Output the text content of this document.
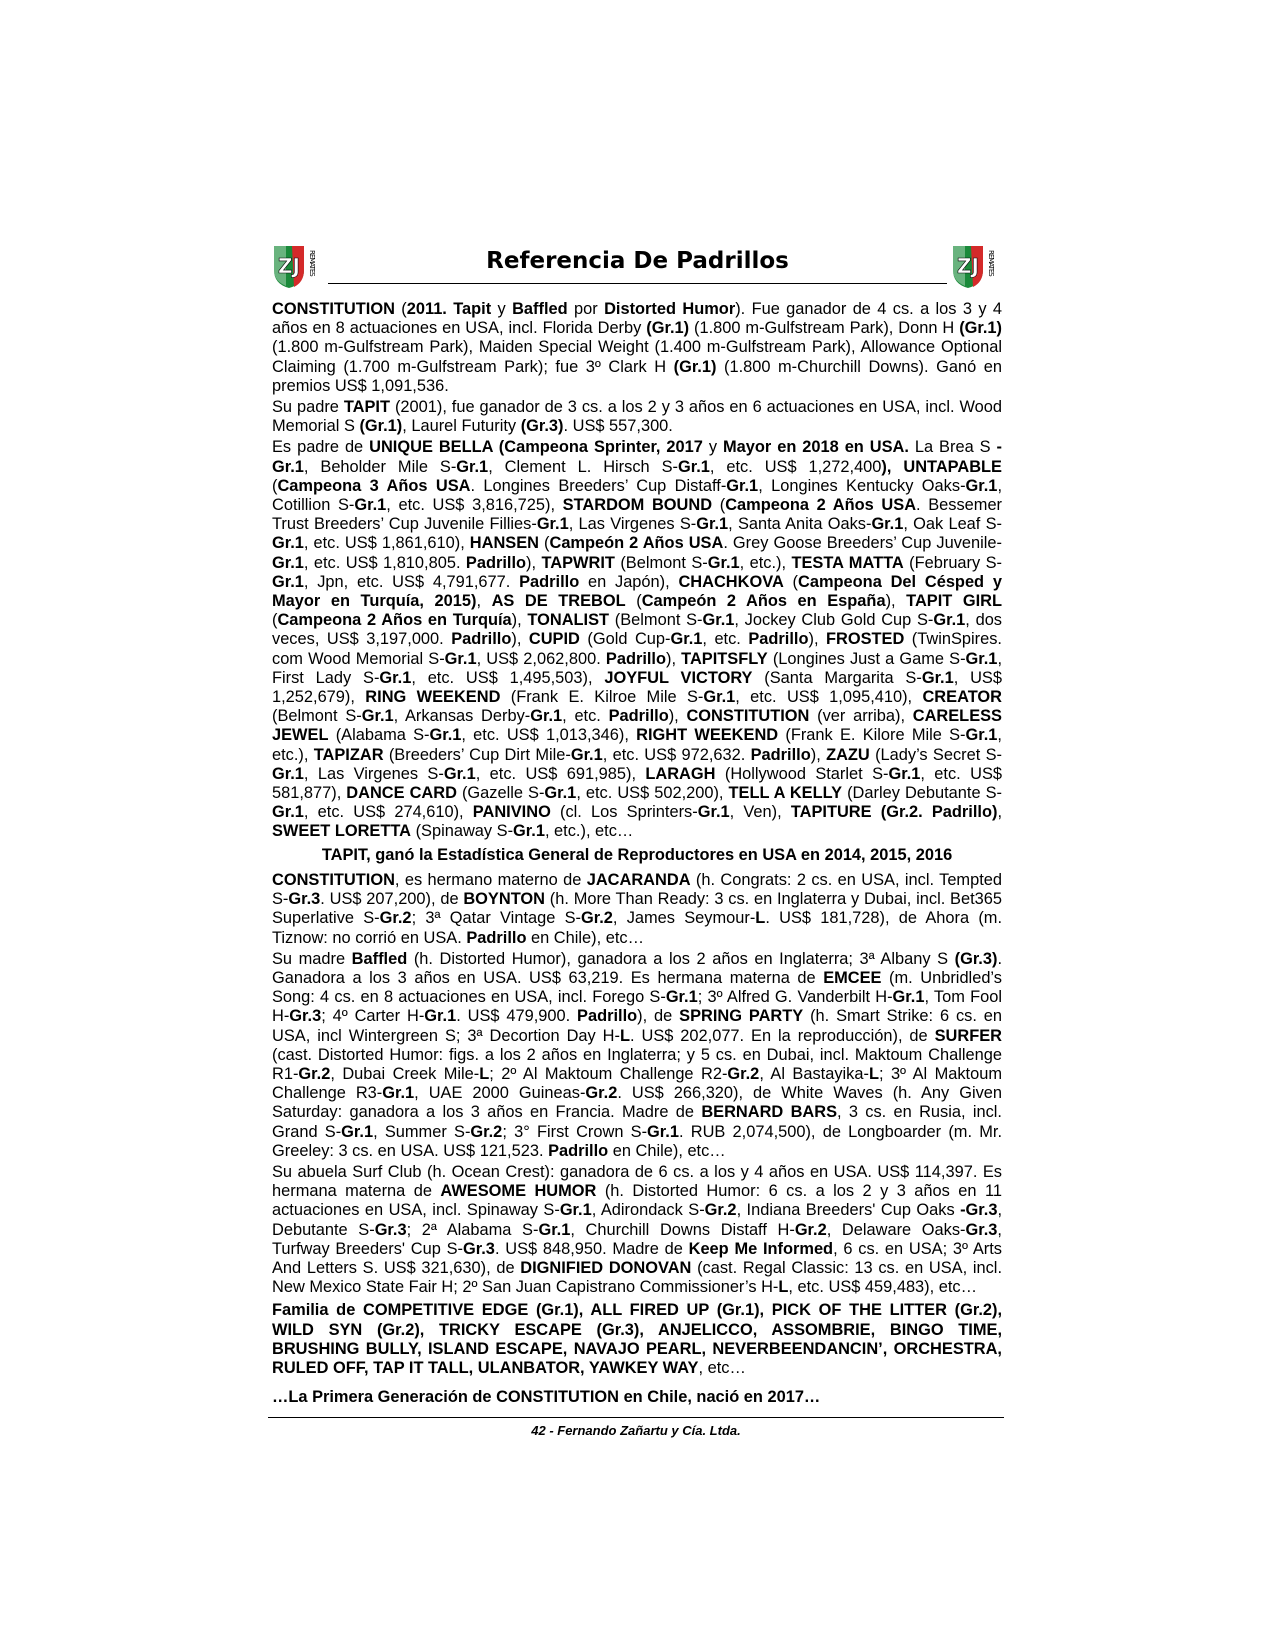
ZJ REMATES	Referencia De Padrillos	ZJ REMATES

CONSTITUTION (2011. Tapit y Baffled por Distorted Humor). Fue ganador de 4 cs. a los 3 y 4 años en 8 actuaciones en USA, incl. Florida Derby (Gr.1) (1.800 m-Gulfstream Park), Donn H (Gr.1) (1.800 m-Gulfstream Park), Maiden Special Weight (1.400 m-Gulfstream Park), Allowance Optional Claiming (1.700 m-Gulfstream Park); fue 3º Clark H (Gr.1) (1.800 m-Churchill Downs). Ganó en premios US$ 1,091,536.

Su padre TAPIT (2001), fue ganador de 3 cs. a los 2 y 3 años en 6 actuaciones en USA, incl. Wood Memorial S (Gr.1), Laurel Futurity (Gr.3). US$ 557,300.

Es padre de UNIQUE BELLA (Campeona Sprinter, 2017 y Mayor en 2018 en USA. La Brea S -Gr.1, Beholder Mile S-Gr.1, Clement L. Hirsch S-Gr.1, etc. US$ 1,272,400), UNTAPABLE (Campeona 3 Años USA. Longines Breeders’ Cup Distaff-Gr.1, Longines Kentucky Oaks-Gr.1, Cotillion S-Gr.1, etc. US$ 3,816,725), STARDOM BOUND (Campeona 2 Años USA. Bessemer Trust Breeders’ Cup Juvenile Fillies-Gr.1, Las Virgenes S-Gr.1, Santa Anita Oaks-Gr.1, Oak Leaf S-Gr.1, etc. US$ 1,861,610), HANSEN (Campeón 2 Años USA. Grey Goose Breeders’ Cup Juvenile-Gr.1, etc. US$ 1,810,805. Padrillo), TAPWRIT (Belmont S-Gr.1, etc.), TESTA MATTA (February S-Gr.1, Jpn, etc. US$ 4,791,677. Padrillo en Japón), CHACHKOVA (Campeona Del Césped y Mayor en Turquía, 2015), AS DE TREBOL (Campeón 2 Años en España), TAPIT GIRL (Campeona 2 Años en Turquía), TONALIST (Belmont S-Gr.1, Jockey Club Gold Cup S-Gr.1, dos veces, US$ 3,197,000. Padrillo), CUPID (Gold Cup-Gr.1, etc. Padrillo), FROSTED (TwinSpires. com Wood Memorial S-Gr.1, US$ 2,062,800. Padrillo), TAPITSFLY (Longines Just a Game S-Gr.1, First Lady S-Gr.1, etc. US$ 1,495,503), JOYFUL VICTORY (Santa Margarita S-Gr.1, US$ 1,252,679), RING WEEKEND (Frank E. Kilroe Mile S-Gr.1, etc. US$ 1,095,410), CREATOR (Belmont S-Gr.1, Arkansas Derby-Gr.1, etc. Padrillo), CONSTITUTION (ver arriba), CARELESS JEWEL (Alabama S-Gr.1, etc. US$ 1,013,346), RIGHT WEEKEND (Frank E. Kilore Mile S-Gr.1, etc.), TAPIZAR (Breeders’ Cup Dirt Mile-Gr.1, etc. US$ 972,632. Padrillo), ZAZU (Lady’s Secret S-Gr.1, Las Virgenes S-Gr.1, etc. US$ 691,985), LARAGH (Hollywood Starlet S-Gr.1, etc. US$ 581,877), DANCE CARD (Gazelle S-Gr.1, etc. US$ 502,200), TELL A KELLY (Darley Debutante S-Gr.1, etc. US$ 274,610), PANIVINO (cl. Los Sprinters-Gr.1, Ven), TAPITURE (Gr.2. Padrillo), SWEET LORETTA (Spinaway S-Gr.1, etc.), etc…

TAPIT, ganó la Estadística General de Reproductores en USA en 2014, 2015, 2016

CONSTITUTION, es hermano materno de JACARANDA (h. Congrats: 2 cs. en USA, incl. Tempted S-Gr.3. US$ 207,200), de BOYNTON (h. More Than Ready: 3 cs. en Inglaterra y Dubai, incl. Bet365 Superlative S-Gr.2; 3ª Qatar Vintage S-Gr.2, James Seymour-L. US$ 181,728), de Ahora (m. Tiznow: no corrió en USA. Padrillo en Chile), etc…

Su madre Baffled (h. Distorted Humor), ganadora a los 2 años en Inglaterra; 3ª Albany S (Gr.3). Ganadora a los 3 años en USA. US$ 63,219. Es hermana materna de EMCEE (m. Unbridled’s Song: 4 cs. en 8 actuaciones en USA, incl. Forego S-Gr.1; 3º Alfred G. Vanderbilt H-Gr.1, Tom Fool H-Gr.3; 4º Carter H-Gr.1. US$ 479,900. Padrillo), de SPRING PARTY (h. Smart Strike: 6 cs. en USA, incl Wintergreen S; 3ª Decortion Day H-L. US$ 202,077. En la reproducción), de SURFER (cast. Distorted Humor: figs. a los 2 años en Inglaterra; y 5 cs. en Dubai, incl. Maktoum Challenge R1-Gr.2, Dubai Creek Mile-L; 2º Al Maktoum Challenge R2-Gr.2, Al Bastayika-L; 3º Al Maktoum Challenge R3-Gr.1, UAE 2000 Guineas-Gr.2. US$ 266,320), de White Waves (h. Any Given Saturday: ganadora a los 3 años en Francia. Madre de BERNARD BARS, 3 cs. en Rusia, incl. Grand S-Gr.1, Summer S-Gr.2; 3° First Crown S-Gr.1. RUB 2,074,500), de Longboarder (m. Mr. Greeley: 3 cs. en USA. US$ 121,523. Padrillo en Chile), etc…

Su abuela Surf Club (h. Ocean Crest): ganadora de 6 cs. a los y 4 años en USA. US$ 114,397. Es hermana materna de AWESOME HUMOR (h. Distorted Humor: 6 cs. a los 2 y 3 años en 11 actuaciones en USA, incl. Spinaway S-Gr.1, Adirondack S-Gr.2, Indiana Breeders' Cup Oaks -Gr.3, Debutante S-Gr.3; 2ª Alabama S-Gr.1, Churchill Downs Distaff H-Gr.2, Delaware Oaks-Gr.3, Turfway Breeders' Cup S-Gr.3. US$ 848,950. Madre de Keep Me Informed, 6 cs. en USA; 3º Arts And Letters S. US$ 321,630), de DIGNIFIED DONOVAN (cast. Regal Classic: 13 cs. en USA, incl. New Mexico State Fair H; 2º San Juan Capistrano Commissioner’s H-L, etc. US$ 459,483), etc…

Familia de COMPETITIVE EDGE (Gr.1), ALL FIRED UP (Gr.1), PICK OF THE LITTER (Gr.2), WILD SYN (Gr.2), TRICKY ESCAPE (Gr.3), ANJELICCO, ASSOMBRIE, BINGO TIME, BRUSHING BULLY, ISLAND ESCAPE, NAVAJO PEARL, NEVERBEENDANCIN’, ORCHESTRA, RULED OFF, TAP IT TALL, ULANBATOR, YAWKEY WAY, etc…

…La Primera Generación de CONSTITUTION en Chile, nació en 2017…

42 - Fernando Zañartu y Cía. Ltda.
